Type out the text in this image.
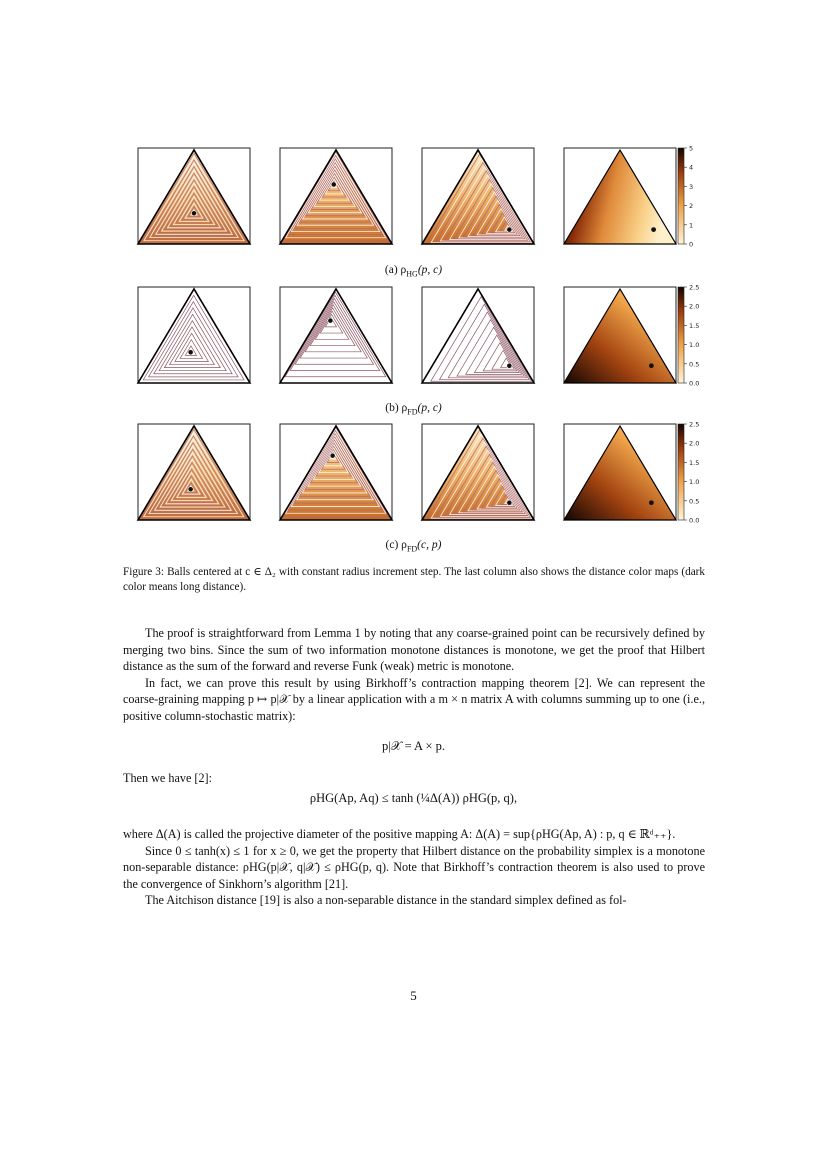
5
4
3
2
1
0
2.5
2.0
1.5
1.0
0.5
0.0
2.5
2.0
1.5
1.0
0.5
0.0
(a) $\rho_{HG}(p$, c)
(b) $\rho_{FD}(p$, c)
(c) $\rho_{FD}(c$, p)
Figure 3: Balls centered at c ∈ Δ₂ with constant radius increment step. The last column also shows the distance color maps (dark color means long distance).

The proof is straightforward from Lemma 1 by noting that any coarse-grained point can be recursively defined by merging two bins. Since the sum of two information monotone distances is monotone, we get the proof that Hilbert distance as the sum of the forward and reverse Funk (weak) metric is monotone.

In fact, we can prove this result by using Birkhoff’s contraction mapping theorem [2]. We can represent the coarse-graining mapping p ↦ p|𝒳 by a linear application with a m × n matrix A with columns summing up to one (i.e., positive column-stochastic matrix):

p|𝒳 = A × p.
Then we have [2]:
ρHG(Ap, Aq) ≤ tanh (¼Δ(A)) ρHG(p, q),

where Δ(A) is called the projective diameter of the positive mapping A: Δ(A) = sup{ρHG(Ap, A) : p, q ∈ ℝᵈ₊₊}.

Since 0 ≤ tanh(x) ≤ 1 for x ≥ 0, we get the property that Hilbert distance on the probability simplex is a monotone non-separable distance: ρHG(p|𝒳, q|𝒳) ≤ ρHG(p, q). Note that Birkhoff’s contraction theorem is also used to prove the convergence of Sinkhorn’s algorithm [21].

The Aitchison distance [19] is also a non-separable distance in the standard simplex defined as fol-

5
